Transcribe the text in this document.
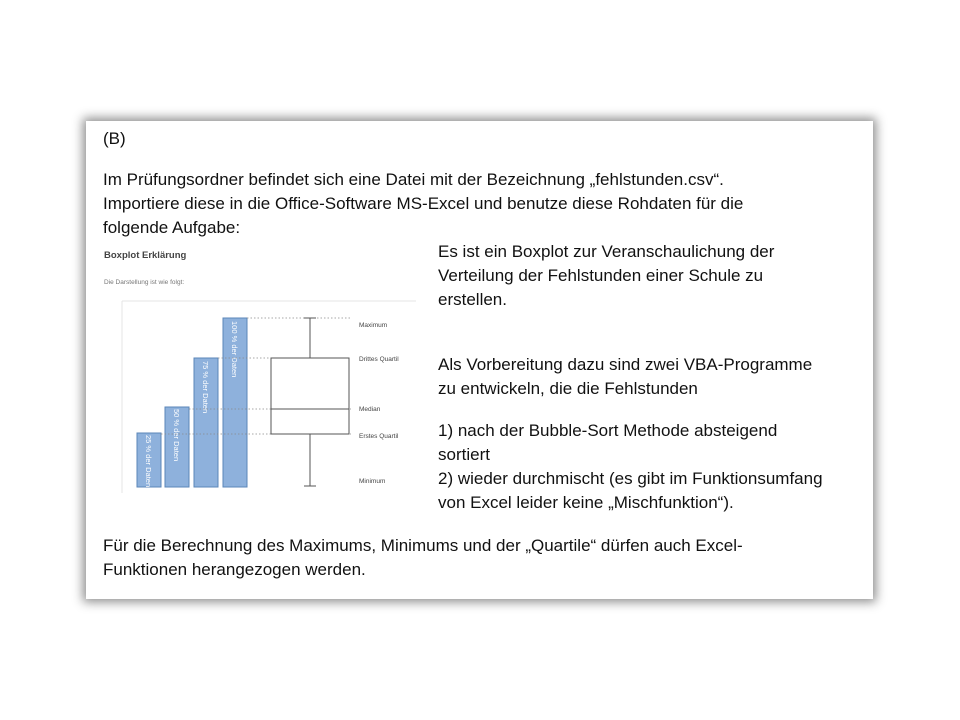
(B)

Im Prüfungsordner befindet sich eine Datei mit der Bezeichnung „fehlstunden.csv“.
Importiere diese in die Office-Software MS-Excel und benutze diese Rohdaten für die
folgende Aufgabe:

Boxplot Erklärung
Die Darstellung ist wie folgt:
25 % der Daten	50 % der Daten
75 % der Daten
100 % der Daten	Maximum
Drittes Quartil
Median
Erstes Quartil
Minimum

Es ist ein Boxplot zur Veranschaulichung der
Verteilung der Fehlstunden einer Schule zu
erstellen.

Als Vorbereitung dazu sind zwei VBA-Programme
zu entwickeln, die die Fehlstunden

1) nach der Bubble-Sort Methode absteigend
sortiert
2) wieder durchmischt (es gibt im Funktionsumfang
von Excel leider keine „Mischfunktion“).

Für die Berechnung des Maximums, Minimums und der „Quartile“ dürfen auch Excel-
Funktionen herangezogen werden.
